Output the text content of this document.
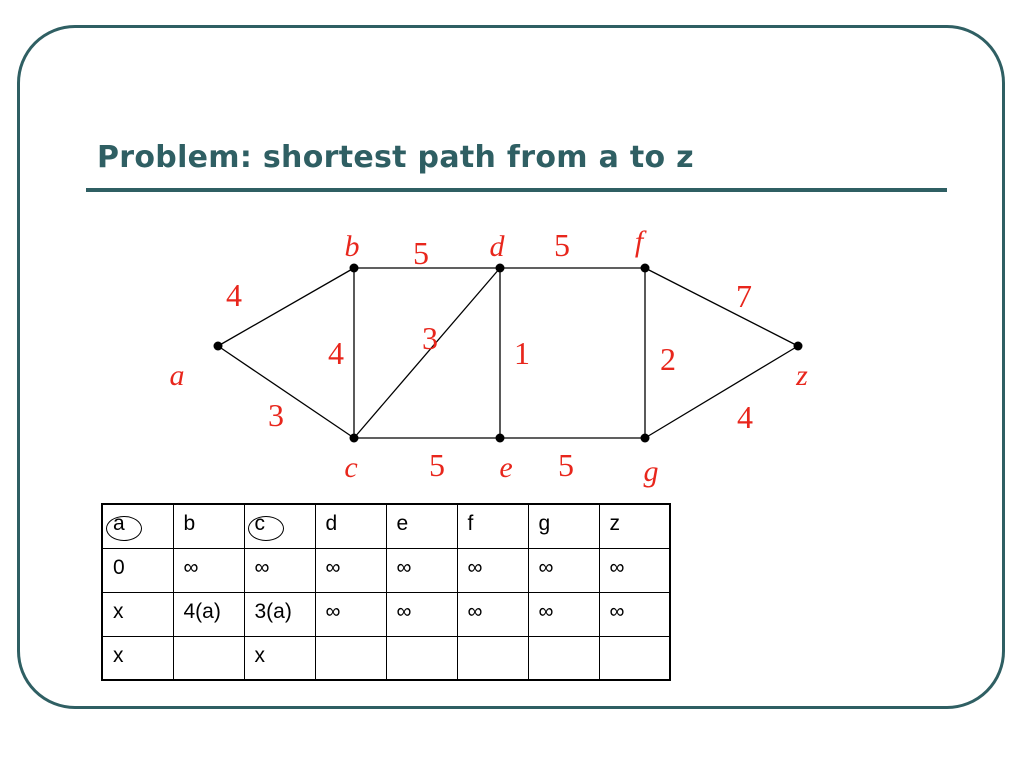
Problem: shortest path from a to z
4
3
5
4 3 1
5
5
5
2
7
4
a
b
c
d
e
f
g
z
a	b	c	d	e	f	g	z
0	∞	∞	∞	∞	∞	∞	∞
x	4(a)	3(a)	∞	∞	∞	∞	∞
x		x					
